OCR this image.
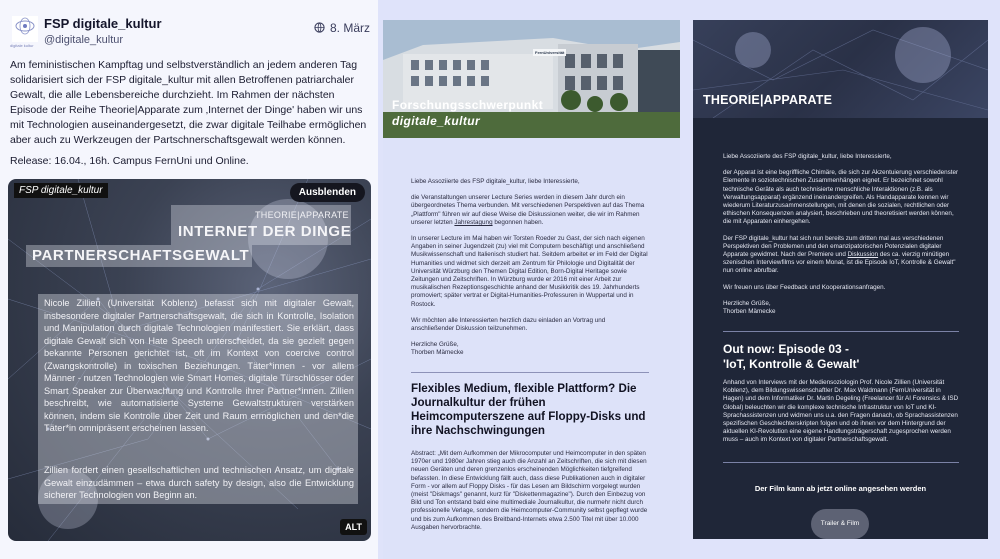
digitale kultur
FSP digitale_kultur
@digitale_kultur
8. März

Am feministischen Kampftag und selbstverständlich an jedem anderen Tag solidarisiert sich der FSP digitale_kultur mit allen Betroffenen patriarchaler Gewalt, die alle Lebensbereiche durchzieht. Im Rahmen der nächsten Episode der Reihe Theorie|Apparate zum ‚Internet der Dinge' haben wir uns mit Technologien auseinandergesetzt, die zwar digitale Teilhabe ermöglichen aber auch zu Werkzeugen der Partschnerschaftsgewalt werden können.

Release: 16.04., 16h. Campus FernUni und Online.

FSP digitale_kultur	Ausblenden
THEORIE|APPARATE
INTERNET DER DINGE
PARTNERSCHAFTSGEWALT

Nicole Zillien (Universität Koblenz) befasst sich mit digitaler Gewalt, insbesondere digitaler Partnerschaftsgewalt, die sich in Kontrolle, Isolation und Manipulation durch digitale Technologien manifestiert. Sie erklärt, dass digitale Gewalt sich von Hate Speech unterscheidet, da sie gezielt gegen bekannte Personen gerichtet ist, oft im Kontext von coercive control (Zwangskontrolle) in toxischen Beziehungen. Täter*innen - vor allem Männer - nutzen Technologien wie Smart Homes, digitale Türschlösser oder Smart Speaker zur Überwachung und Kontrolle ihrer Partner*innen. Zillien beschreibt, wie automatisierte Systeme Gewaltstrukturen verstärken können, indem sie Kontrolle über Zeit und Raum ermöglichen und den*die Täter*in omnipräsent erscheinen lassen.

Zillien fordert einen gesellschaftlichen und technischen Ansatz, um digitale Gewalt einzudämmen – etwa durch safety by design, also die Entwicklung sicherer Technologien von Beginn an.

ALT
FernUniversität
Forschungsschwerpunkt
digitale_kultur

Liebe Assoziierte des FSP digitale_kultur, liebe Interessierte,

die Veranstaltungen unserer Lecture Series werden in diesem Jahr durch ein übergeordnetes Thema verbunden. Mit verschiedenen Perspektiven auf das Thema „Plattform" führen wir auf diese Weise die Diskussionen weiter, die wir im Rahmen unserer letzten Jahrestagung begonnen haben.

In unserer Lecture im Mai haben wir Torsten Roeder zu Gast, der sich nach eigenen Angaben in seiner Jugendzeit (zu) viel mit Computern beschäftigt und anschließend Musikwissenschaft und Italienisch studiert hat. Seitdem arbeitet er im Feld der Digital Humanities und widmet sich derzeit am Zentrum für Philologie und Digitalität der Universität Würzburg den Themen Digital Edition, Born-Digital Heritage sowie Zeitungen und Zeitschriften. In Würzburg wurde er 2016 mit einer Arbeit zur musikalischen Rezeptionsgeschichte anhand der Musikkritik des 19. Jahrhunderts promoviert; später vertrat er Digital-Humanities-Professuren in Wuppertal und in Rostock.

Wir möchten alle Interessierten herzlich dazu einladen an Vortrag und anschließender Diskussion teilzunehmen.

Herzliche Grüße,
Thorben Mämecke

Flexibles Medium, flexible Plattform? Die Journalkultur der frühen Heimcomputerszene auf Floppy-Disks und ihre Nachschwingungen

Abstract: „Mit dem Aufkommen der Mikrocomputer und Heimcomputer in den späten 1970er und 1980er Jahren stieg auch die Anzahl an Zeitschriften, die sich mit diesen neuen Geräten und deren grenzenlos erscheinenden Möglichkeiten tiefgreifend befassten. In diese Entwicklung fällt auch, dass diese Publikationen auch in digitaler Form - vor allem auf Floppy Disks - für das Lesen am Bildschirm vorgelegt wurden (meist "Diskmags" genannt, kurz für "Diskettenmagazine"). Durch den Einbezug von Bild und Ton entstand bald eine multimediale Journalkultur, die nurmehr nicht durch professionelle Verlage, sondern die Heimcomputer-Community selbst gepflegt wurde und bis zum Aufkommen des Breitband-Internets etwa 2.500 Titel mit über 10.000 Ausgaben hervorbrachte.

THEORIE|APPARATE

Liebe Assoziierte des FSP digitale_kultur, liebe Interessierte,

der Apparat ist eine begriffliche Chimäre, die sich zur Akzentuierung verschiedenster Elemente in soziotechnischen Zusammenhängen eignet. Er bezeichnet sowohl technische Geräte als auch technisierte menschliche Interaktionen (z.B. als Verwaltungsapparat) ergänzend ineinandergreifen. Als Handapparate kennen wir wiederum Literaturzusammenstellungen, mit denen die sozialen, rechtlichen oder ethischen Konsequenzen analysiert, beschrieben und theoretisiert werden können, die mit Apparaten einhergehen.

Der FSP digitale_kultur hat sich nun bereits zum dritten mal aus verschiedenen Perspektiven den Problemen und den emanzipatorischen Potenzialen digitaler Apparate gewidmet. Nach der Premiere und Diskussion des ca. vierzig minütigen szenischen Interviewfilms vor einem Monat, ist die Episode IoT, Kontrolle & Gewalt" nun online abrufbar.

Wir freuen uns über Feedback und Kooperationsanfragen.

Herzliche Grüße,
Thorben Mämecke

Out now: Episode 03 -
'IoT, Kontrolle & Gewalt'

Anhand von Interviews mit der Mediensoziologin Prof. Nicole Zillien (Universität Koblenz), dem Bildungswissenschaftler Dr. Max Waldmann (FernUniversität in Hagen) und dem Informatiker Dr. Martin Degeling (Freelancer für AI Forensics & ISD Global) beleuchten wir die komplexe technische Infrastruktur von IoT und KI-Sprachassistenzen und widmen uns u.a. den Fragen danach, ob Sprachassistenzen spezifischen Geschlechterskripten folgen und ob ihnen vor dem Hintergrund der aktuellen KI-Revolution eine eigene Handlungsträgerschaft zugesprochen werden muss – auch im Kontext von digitaler Partnerschaftsgewalt.

Der Film kann ab jetzt online angesehen werden
Trailer & Film
